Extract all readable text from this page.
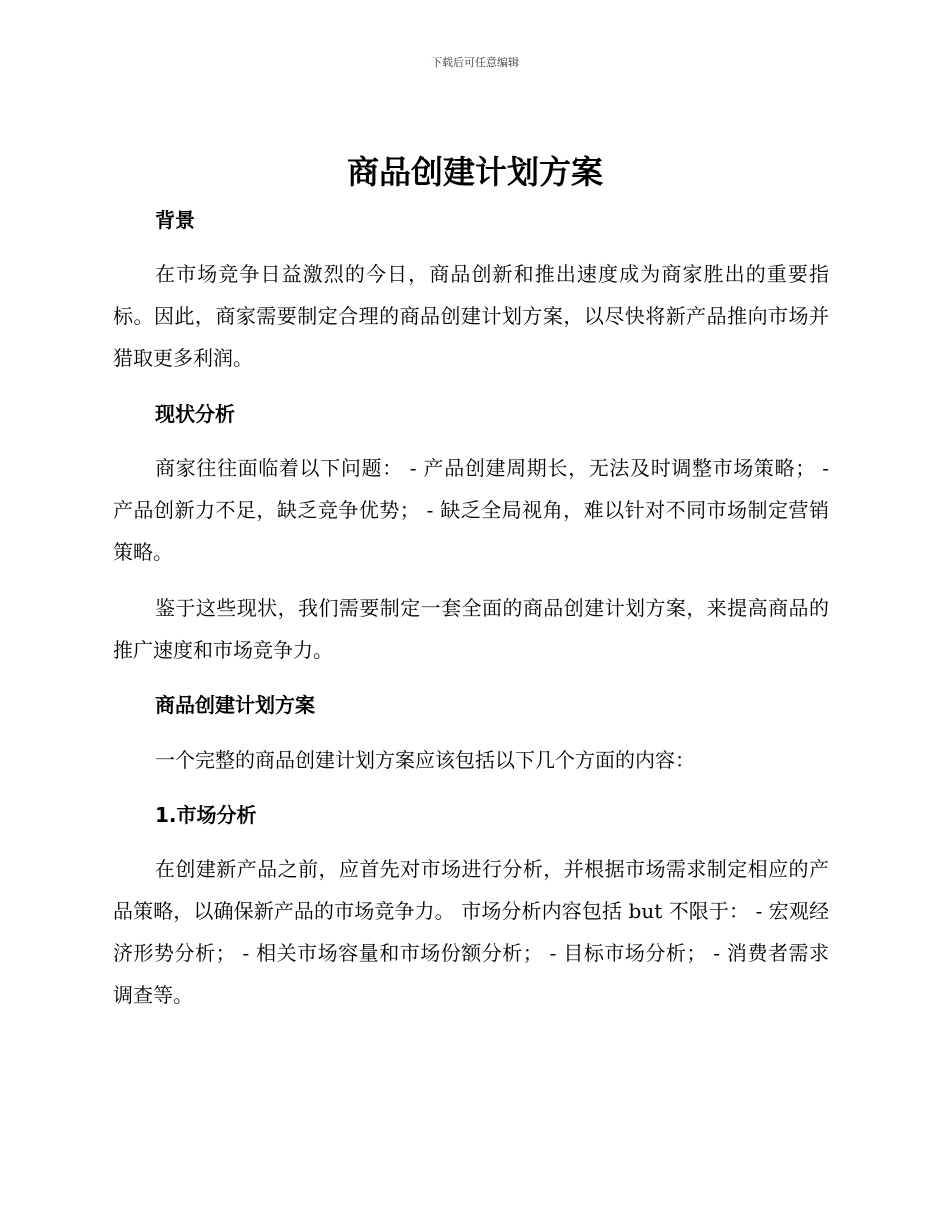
下载后可任意编辑
商品创建计划方案
背景

在市场竞争日益激烈的今日，商品创新和推出速度成为商家胜出的重要指标。因此，商家需要制定合理的商品创建计划方案，以尽快将新产品推向市场并猎取更多利润。

现状分析

商家往往面临着以下问题： - 产品创建周期长，无法及时调整市场策略； - 产品创新力不足，缺乏竞争优势； - 缺乏全局视角，难以针对不同市场制定营销策略。

鉴于这些现状，我们需要制定一套全面的商品创建计划方案，来提高商品的推广速度和市场竞争力。

商品创建计划方案

一个完整的商品创建计划方案应该包括以下几个方面的内容：

1.市场分析

在创建新产品之前，应首先对市场进行分析，并根据市场需求制定相应的产品策略，以确保新产品的市场竞争力。 市场分析内容包括 but 不限于： - 宏观经济形势分析； - 相关市场容量和市场份额分析； - 目标市场分析； - 消费者需求调查等。
